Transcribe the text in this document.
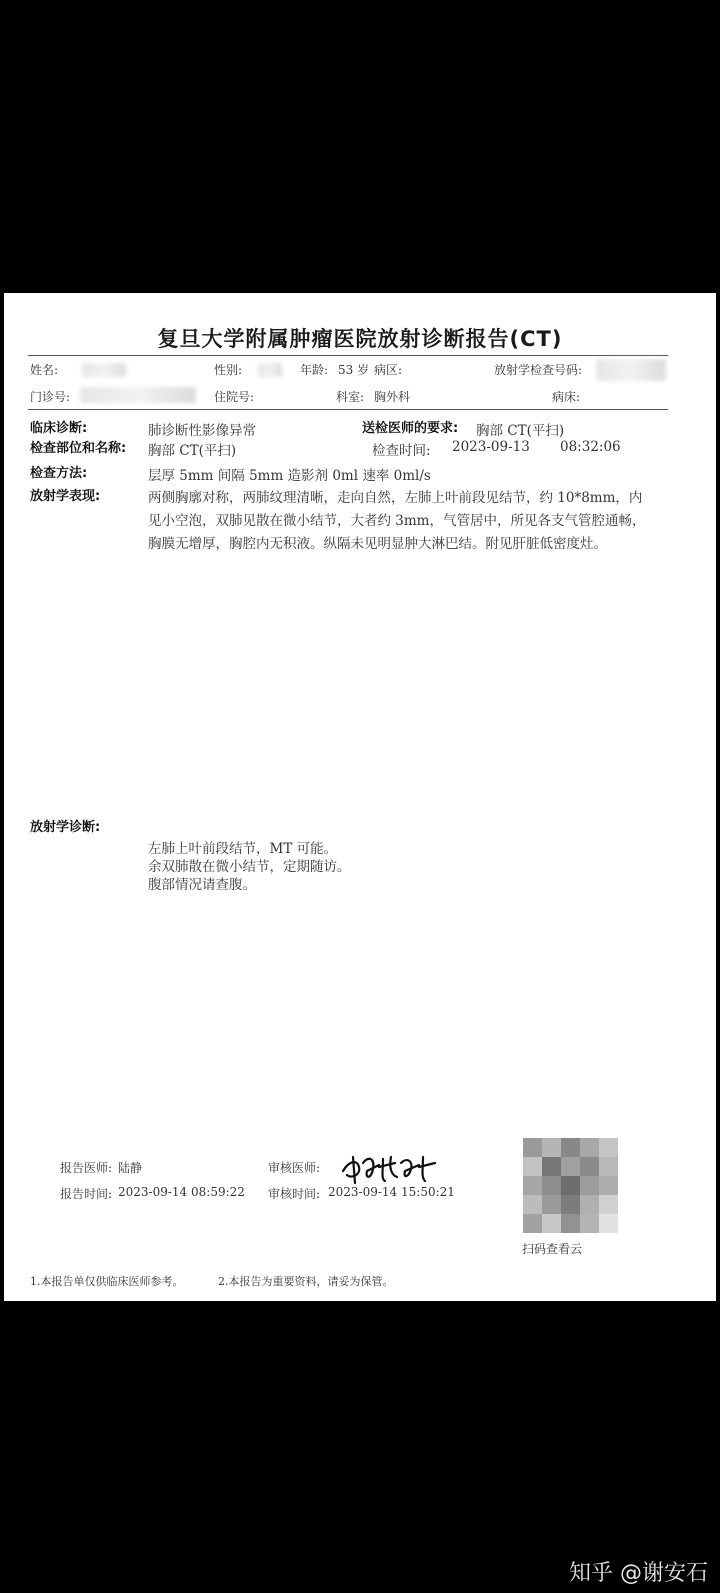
复旦大学附属肿瘤医院放射诊断报告(CT)
姓名:	性别:	年龄: 53 岁 病区:	放射学检查号码:
门诊号:	住院号:	科室: 胸外科	病床:
临床诊断:	肺诊断性影像异常	送检医师的要求: 胸部 CT(平扫)
检查部位和名称: 胸部 CT(平扫)	检查时间: 2023-09-13 08:32:06
检查方法:	层厚 5mm 间隔 5mm 造影剂 0ml 速率 0ml/s
放射学表现:	两侧胸廓对称，两肺纹理清晰，走向自然，左肺上叶前段见结节，约 10*8mm，内
见小空泡，双肺见散在微小结节，大者约 3mm，气管居中，所见各支气管腔通畅，
胸膜无增厚，胸腔内无积液。纵隔未见明显肿大淋巴结。附见肝脏低密度灶。
放射学诊断:
左肺上叶前段结节，MT 可能。
余双肺散在微小结节，定期随访。
腹部情况请查腹。
报告医师: 陆静	审核医师:
报告时间: 2023-09-14 08:59:22 审核时间: 2023-09-14 15:50:21
扫码查看云
1.本报告单仅供临床医师参考。	2.本报告为重要资料，请妥为保管。
知乎 @谢安石
